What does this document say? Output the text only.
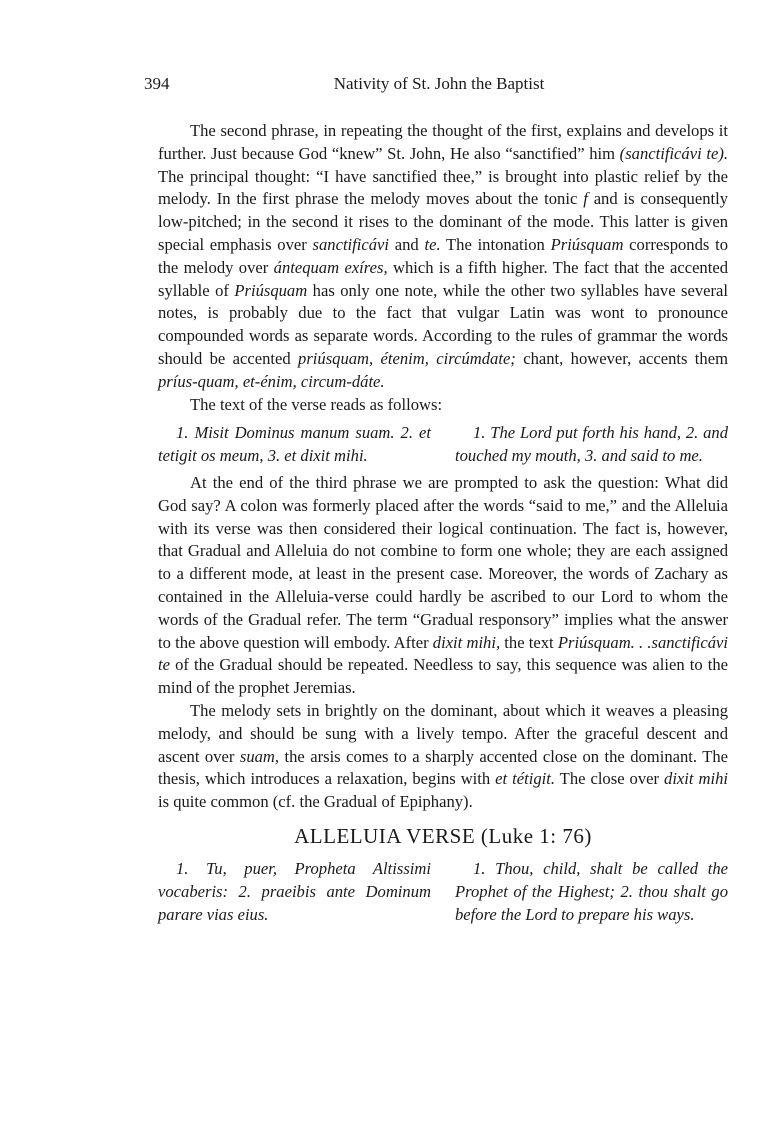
394	Nativity of St. John the Baptist

The second phrase, in repeating the thought of the first, explains and develops it further. Just because God “knew” St. John, He also “sanctified” him (sanctificávi te). The principal thought: “I have sanctified thee,” is brought into plastic relief by the melody. In the first phrase the melody moves about the tonic f and is consequently low-pitched; in the second it rises to the dominant of the mode. This latter is given special emphasis over sanctificávi and te. The intonation Priúsquam corresponds to the melody over ántequam exíres, which is a fifth higher. The fact that the accented syllable of Priúsquam has only one note, while the other two syllables have several notes, is probably due to the fact that vulgar Latin was wont to pronounce compounded words as separate words. According to the rules of grammar the words should be accented priúsquam, étenim, circúmdate; chant, however, accents them príus-quam, et-énim, circum-dáte.

The text of the verse reads as follows:

1. Misit Dominus manum suam. 2. et tetigit os meum, 3. et dixit mihi.
1. The Lord put forth his hand, 2. and touched my mouth, 3. and said to me.

At the end of the third phrase we are prompted to ask the question: What did God say? A colon was formerly placed after the words “said to me,” and the Alleluia with its verse was then considered their logical continuation. The fact is, however, that Gradual and Alleluia do not combine to form one whole; they are each assigned to a different mode, at least in the present case. Moreover, the words of Zachary as contained in the Alleluia-verse could hardly be ascribed to our Lord to whom the words of the Gradual refer. The term “Gradual responsory” implies what the answer to the above question will embody. After dixit mihi, the text Priúsquam. . .sanctificávi te of the Gradual should be repeated. Needless to say, this sequence was alien to the mind of the prophet Jeremias.

The melody sets in brightly on the dominant, about which it weaves a pleasing melody, and should be sung with a lively tempo. After the graceful descent and ascent over suam, the arsis comes to a sharply accented close on the dominant. The thesis, which introduces a relaxation, begins with et tétigit. The close over dixit mihi is quite common (cf. the Gradual of Epiphany).

ALLELUIA VERSE (Luke 1: 76)
1. Tu, puer, Propheta Altissimi vocaberis: 2. praeibis ante Dominum parare vias eius.
1. Thou, child, shalt be called the Prophet of the Highest; 2. thou shalt go before the Lord to prepare his ways.
